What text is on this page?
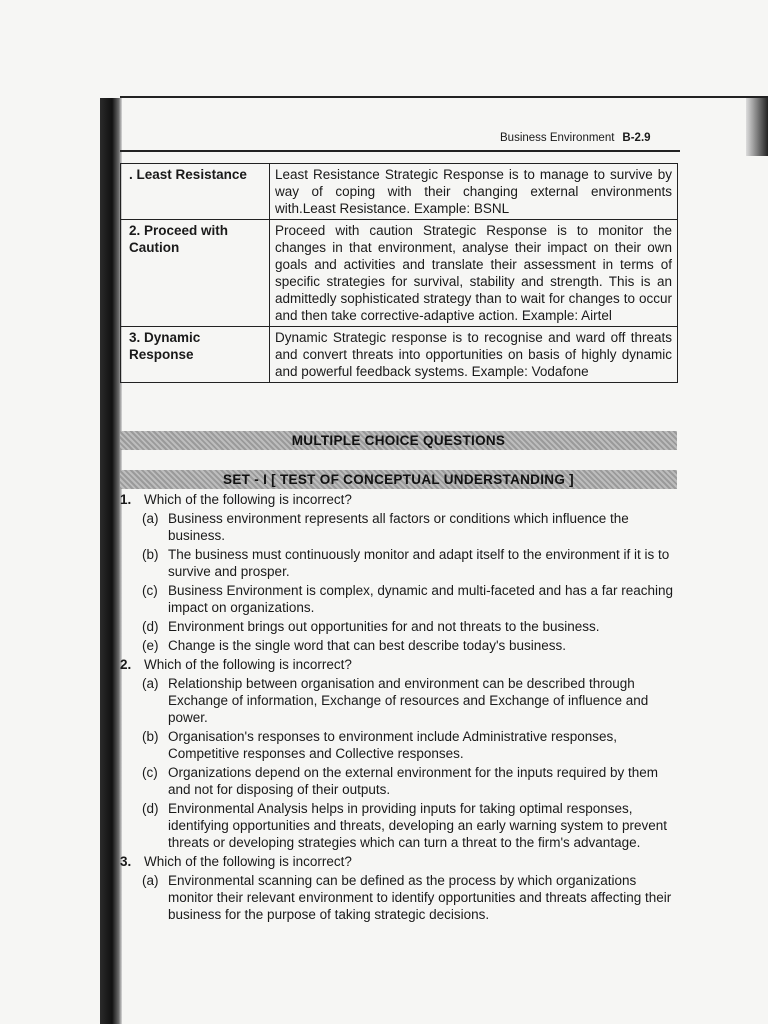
Business Environment B-2.9
. Least Resistance	Least Resistance Strategic Response is to manage to survive by way of coping with their changing external environments with.Least Resistance. Example: BSNL
2. Proceed with Caution	Proceed with caution Strategic Response is to monitor the changes in that environment, analyse their impact on their own goals and activities and translate their assessment in terms of specific strategies for survival, stability and strength. This is an admittedly sophisticated strategy than to wait for changes to occur and then take corrective-adaptive action. Example: Airtel
3. Dynamic Response	Dynamic Strategic response is to recognise and ward off threats and convert threats into opportunities on basis of highly dynamic and powerful feedback systems. Example: Vodafone
MULTIPLE CHOICE QUESTIONS
SET - I [ TEST OF CONCEPTUAL UNDERSTANDING ]
1. Which of the following is incorrect?
(a) Business environment represents all factors or conditions which influence the business.
(b) The business must continuously monitor and adapt itself to the environment if it is to survive and prosper.
(c) Business Environment is complex, dynamic and multi-faceted and has a far reaching impact on organizations.
(d) Environment brings out opportunities for and not threats to the business.
(e) Change is the single word that can best describe today's business.
2. Which of the following is incorrect?
(a) Relationship between organisation and environment can be described through Exchange of information, Exchange of resources and Exchange of influence and power.
(b) Organisation's responses to environment include Administrative responses, Competitive responses and Collective responses.
(c) Organizations depend on the external environment for the inputs required by them and not for disposing of their outputs.
(d) Environmental Analysis helps in providing inputs for taking optimal responses, identifying opportunities and threats, developing an early warning system to prevent threats or developing strategies which can turn a threat to the firm's advantage.
3. Which of the following is incorrect?
(a) Environmental scanning can be defined as the process by which organizations monitor their relevant environment to identify opportunities and threats affecting their business for the purpose of taking strategic decisions.
